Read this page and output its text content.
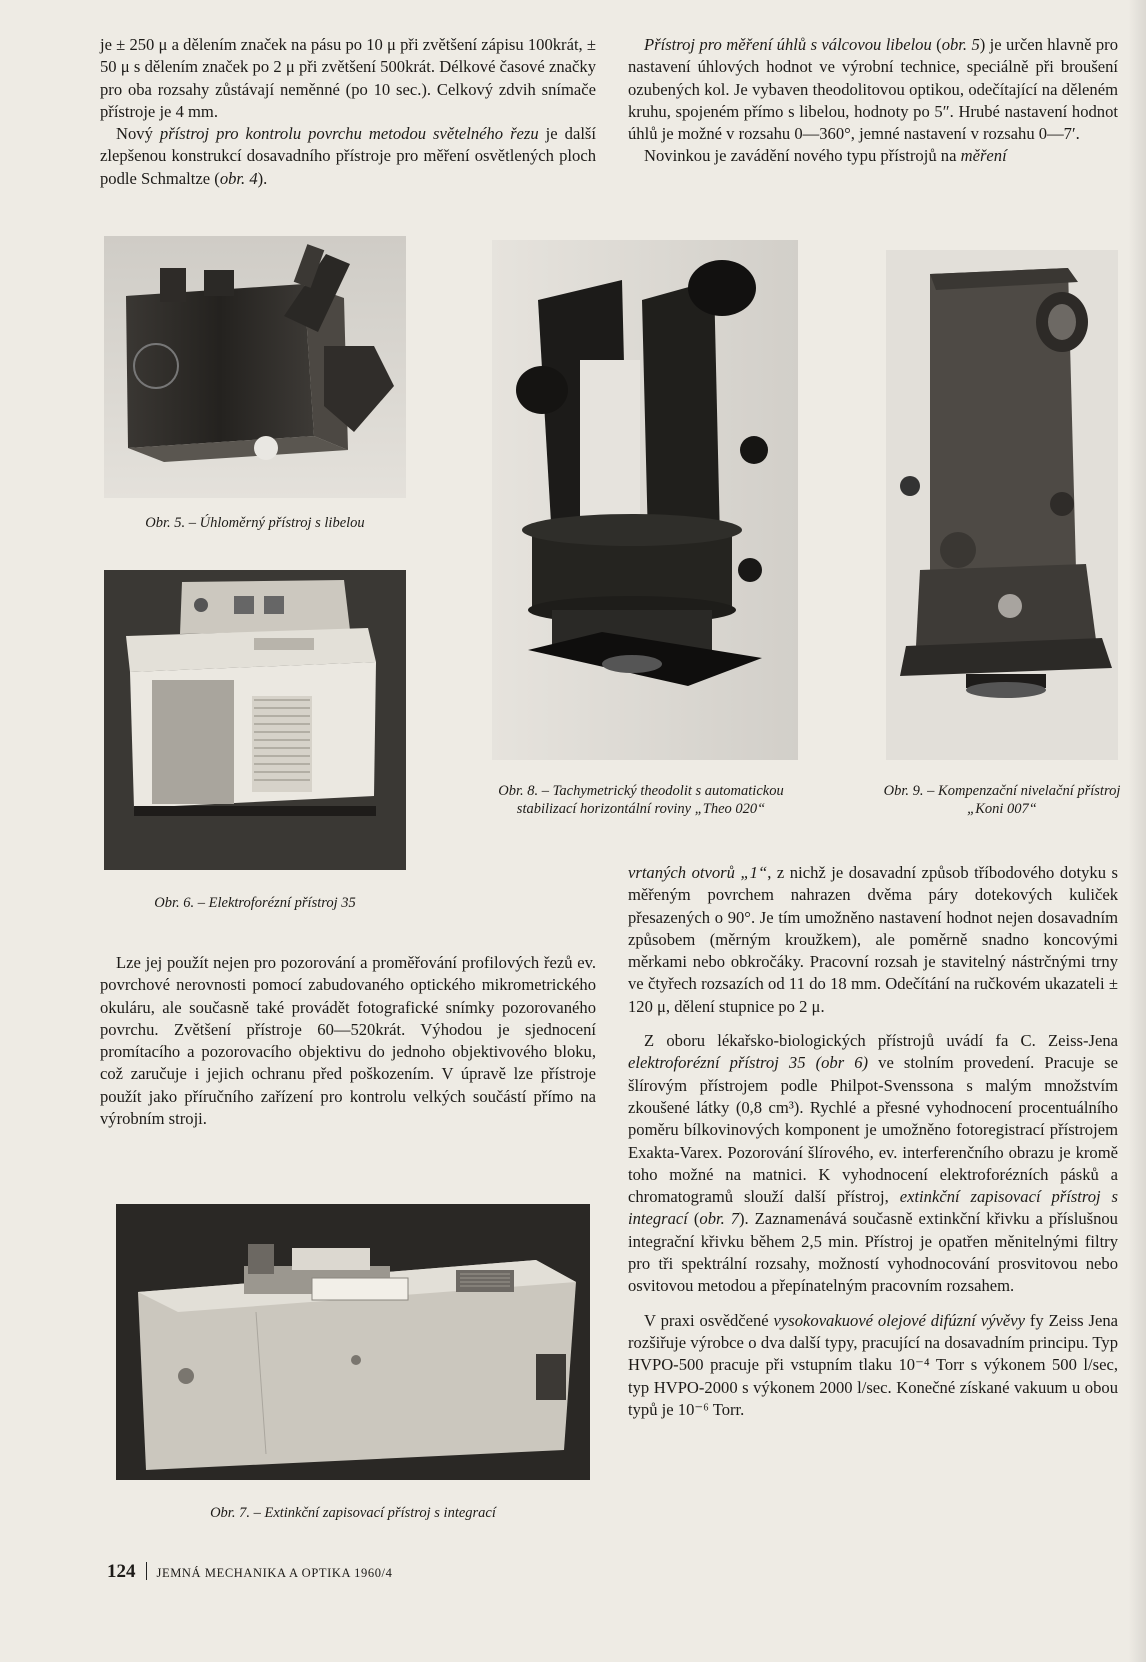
je ± 250 μ a dělením značek na pásu po 10 μ při zvětšení zápisu 100krát, ± 50 μ s dělením značek po 2 μ při zvětšení 500krát. Délkové časové značky pro oba rozsahy zůstávají neměnné (po 10 sec.). Celkový zdvih snímače přístroje je 4 mm.

Nový přístroj pro kontrolu povrchu metodou světelného řezu je další zlepšenou konstrukcí dosavadního přístroje pro měření osvětlených ploch podle Schmaltze (obr. 4).

Přístroj pro měření úhlů s válcovou libelou (obr. 5) je určen hlavně pro nastavení úhlových hodnot ve výrobní technice, speciálně při broušení ozubených kol. Je vybaven theodolitovou optikou, odečítající na děleném kruhu, spojeném přímo s libelou, hodnoty po 5″. Hrubé nastavení hodnot úhlů je možné v rozsahu 0—360°, jemné nastavení v rozsahu 0—7′.

Novinkou je zavádění nového typu přístrojů na měření

Obr. 5. – Úhloměrný přístroj s libelou

Obr. 6. – Elektroforézní přístroj 35

Obr. 8. – Tachymetrický theodolit s automatickou stabilizací horizontální roviny „Theo 020“

Obr. 9. – Kompenzační nivelační přístroj „Koni 007“

Lze jej použít nejen pro pozorování a proměřování profilových řezů ev. povrchové nerovnosti pomocí zabudovaného optického mikrometrického okuláru, ale současně také provádět fotografické snímky pozorovaného povrchu. Zvětšení přístroje 60—520krát. Výhodou je sjednocení promítacího a pozorovacího objektivu do jednoho objektivového bloku, což zaručuje i jejich ochranu před poškozením. V úpravě lze přístroje použít jako příručního zařízení pro kontrolu velkých součástí přímo na výrobním stroji.

Obr. 7. – Extinkční zapisovací přístroj s integrací

vrtaných otvorů „1“, z nichž je dosavadní způsob tříbodového dotyku s měřeným povrchem nahrazen dvěma páry dotekových kuliček přesazených o 90°. Je tím umožněno nastavení hodnot nejen dosavadním způsobem (měrným kroužkem), ale poměrně snadno koncovými měrkami nebo obkročáky. Pracovní rozsah je stavitelný nástrčnými trny ve čtyřech rozsazích od 11 do 18 mm. Odečítání na ručkovém ukazateli ± 120 μ, dělení stupnice po 2 μ.

Z oboru lékařsko-biologických přístrojů uvádí fa C. Zeiss-Jena elektroforézní přístroj 35 (obr 6) ve stolním provedení. Pracuje se šlírovým přístrojem podle Philpot-Svenssona s malým množstvím zkoušené látky (0,8 cm³). Rychlé a přesné vyhodnocení procentuálního poměru bílkovinových komponent je umožněno fotoregistrací přístrojem Exakta-Varex. Pozorování šlírového, ev. interferenčního obrazu je kromě toho možné na matnici. K vyhodnocení elektroforézních pásků a chromatogramů slouží další přístroj, extinkční zapisovací přístroj s integrací (obr. 7). Zaznamenává současně extinkční křivku a příslušnou integrační křivku během 2,5 min. Přístroj je opatřen měnitelnými filtry pro tři spektrální rozsahy, možností vyhodnocování prosvitovou nebo osvitovou metodou a přepínatelným pracovním rozsahem.

V praxi osvědčené vysokovakuové olejové difúzní vývěvy fy Zeiss Jena rozšiřuje výrobce o dva další typy, pracující na dosavadním principu. Typ HVPO-500 pracuje při vstupním tlaku 10⁻⁴ Torr s výkonem 500 l/sec, typ HVPO-2000 s výkonem 2000 l/sec. Konečné získané vakuum u obou typů je 10⁻⁶ Torr.

124 JEMNÁ MECHANIKA A OPTIKA 1960/4
